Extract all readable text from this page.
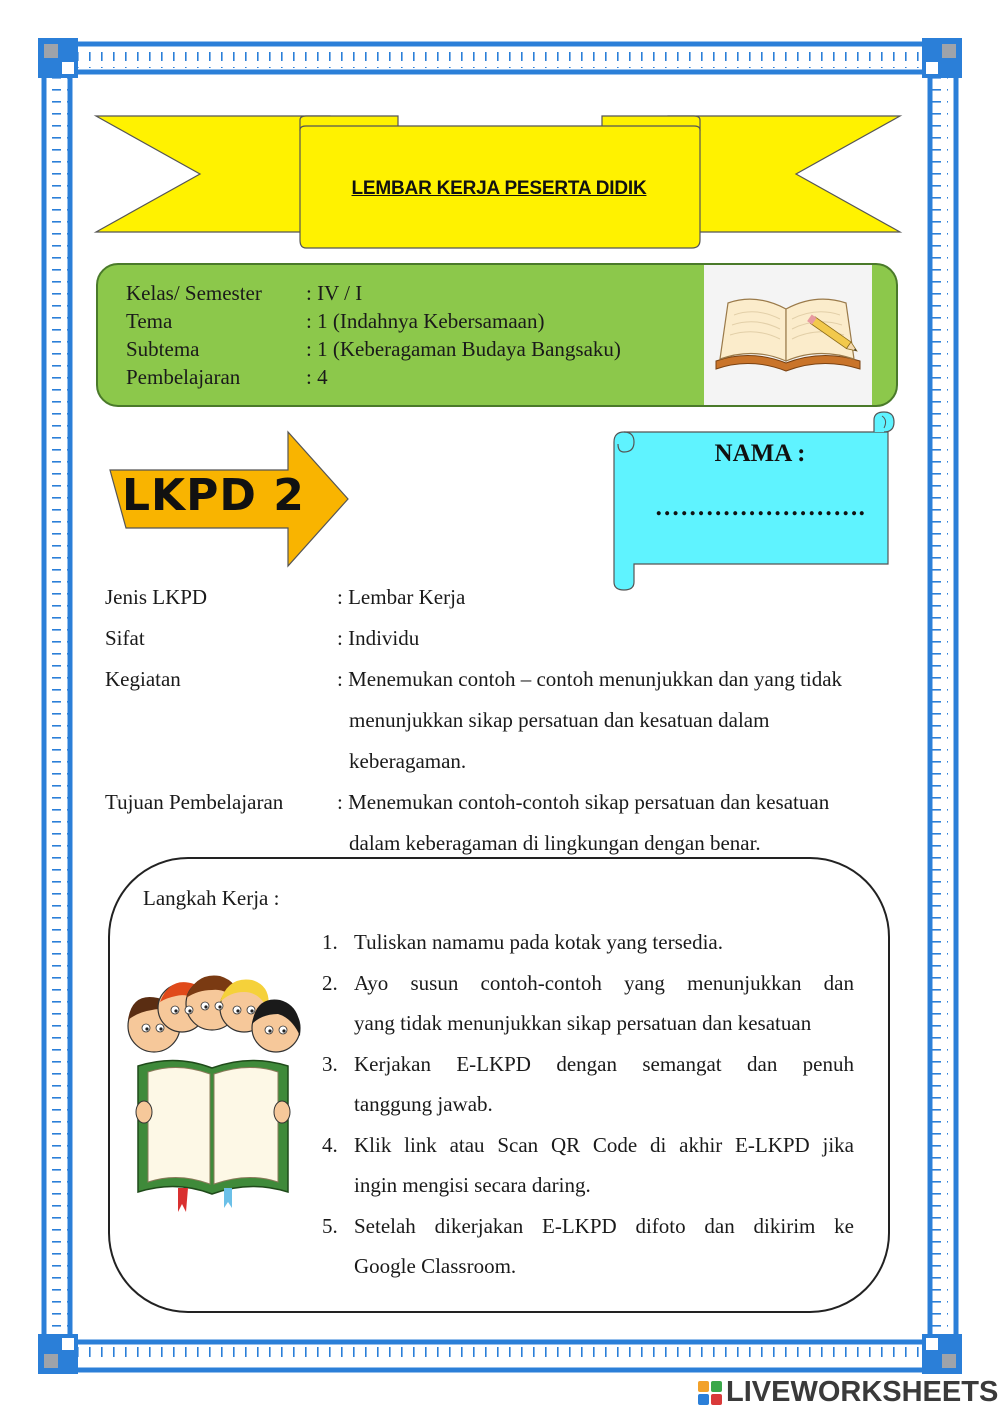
LEMBAR KERJA PESERTA DIDIK
Kelas/ Semester	: IV / I
Tema	: 1 (Indahnya Kebersamaan)
Subtema	: 1 (Keberagaman Budaya Bangsaku)
Pembelajaran	: 4
LKPD 2
NAMA :
…………………….
Jenis LKPD	: Lembar Kerja
Sifat	: Individu
Kegiatan	: Menemukan contoh – contoh menunjukkan dan yang tidak
menunjukkan sikap persatuan dan kesatuan dalam
keberagaman.
Tujuan Pembelajaran	: Menemukan contoh-contoh sikap persatuan dan kesatuan
dalam keberagaman di lingkungan dengan benar.
Langkah Kerja :
1. Tuliskan namamu pada kotak yang tersedia.
2. Ayo susun contoh-contoh yang menunjukkan dan
yang tidak menunjukkan sikap persatuan dan kesatuan
3. Kerjakan E-LKPD dengan semangat dan penuh
tanggung jawab.
4. Klik link atau Scan QR Code di akhir E-LKPD jika
ingin mengisi secara daring.
5. Setelah dikerjakan E-LKPD difoto dan dikirim ke
Google Classroom.
LIVEWORKSHEETS
